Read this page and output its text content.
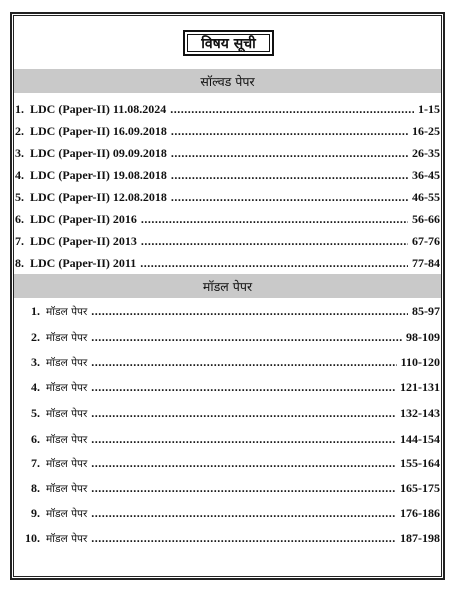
विषय सूची
सॉल्वड पेपर
1. LDC (Paper-II) 11.08.2024 .....	1-15
2. LDC (Paper-II) 16.09.2018 .....	16-25
3. LDC (Paper-II) 09.09.2018 .....	26-35
4. LDC (Paper-II) 19.08.2018 .....	36-45
5. LDC (Paper-II) 12.08.2018 .....	46-55
6. LDC (Paper-II) 2016 .....	56-66
7. LDC (Paper-II) 2013 .....	67-76
8. LDC (Paper-II) 2011 .....	77-84
मॉडल पेपर
1. मॉडल पेपर .....	85-97
2. मॉडल पेपर .....	98-109
3. मॉडल पेपर .....	110-120
4. मॉडल पेपर .....	121-131
5. मॉडल पेपर .....	132-143
6. मॉडल पेपर .....	144-154
7. मॉडल पेपर .....	155-164
8. मॉडल पेपर .....	165-175
9. मॉडल पेपर .....	176-186
10. मॉडल पेपर .....	187-198
